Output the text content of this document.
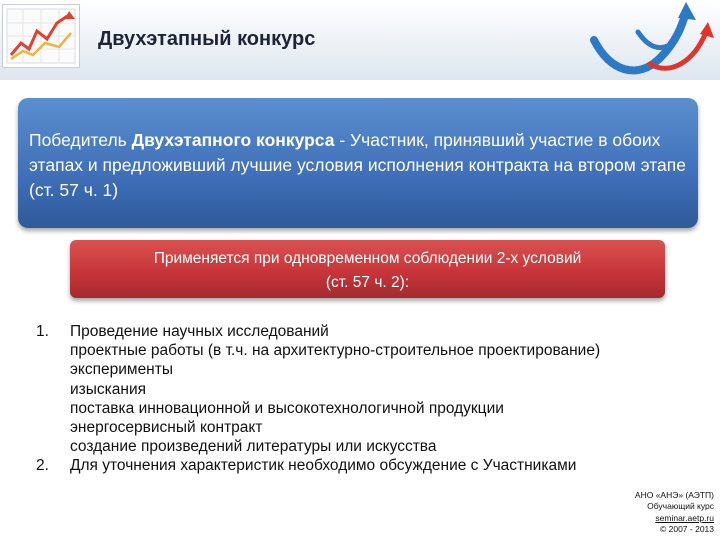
Двухэтапный конкурс
Победитель Двухэтапного конкурса - Участник, принявший участие в обоих этапах и предложивший лучшие условия исполнения контракта на втором этапе (ст. 57 ч. 1)
Применяется при одновременном соблюдении 2-х условий
(ст. 57 ч. 2):
1. Проведение научных исследований
проектные работы (в т.ч. на архитектурно-строительное проектирование)
эксперименты
изыскания
поставка инновационной и высокотехнологичной продукции
энергосервисный контракт
создание произведений литературы или искусства
2. Для уточнения характеристик необходимо обсуждение с Участниками
АНО «АНЭ» (АЭТП)
Обучающий курс
seminar.aetp.ru
© 2007 - 2013
